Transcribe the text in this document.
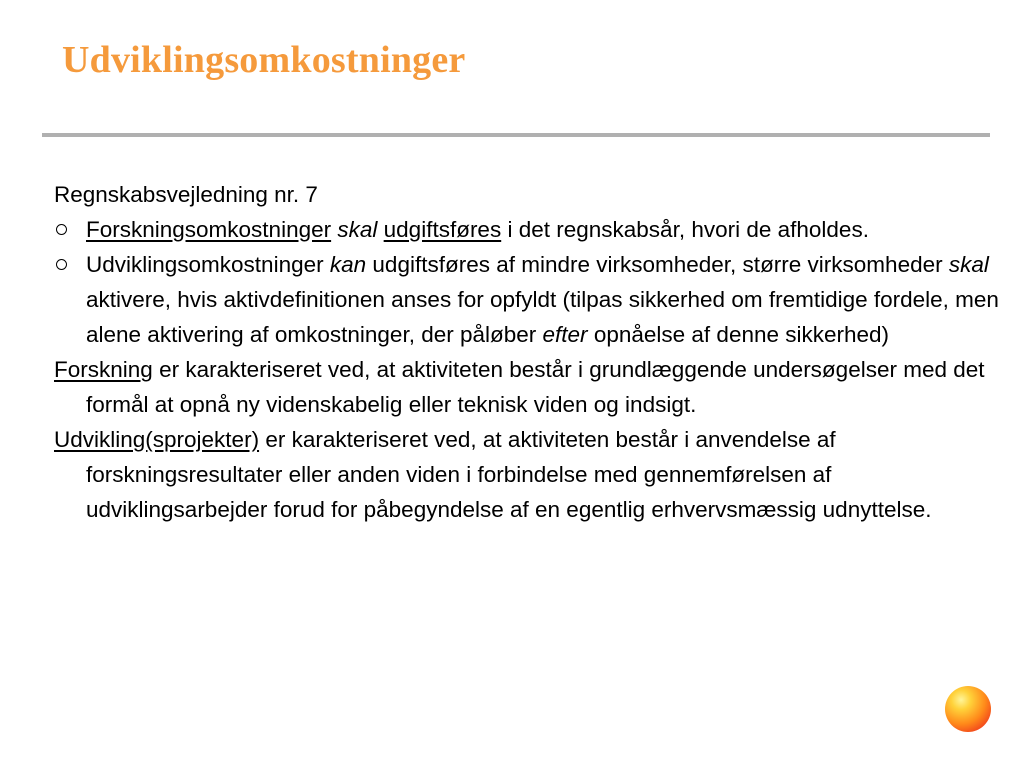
Udviklingsomkostninger
Regnskabsvejledning nr. 7
Forskningsomkostninger skal udgiftsføres i det regnskabsår, hvori de afholdes.
Udviklingsomkostninger kan udgiftsføres af mindre virksomheder, større virksomheder skal aktivere, hvis aktivdefinitionen anses for opfyldt (tilpas sikkerhed om fremtidige fordele, men alene aktivering af omkostninger, der påløber efter opnåelse af denne sikkerhed)
Forskning er karakteriseret ved, at aktiviteten består i grundlæggende undersøgelser med det formål at opnå ny videnskabelig eller teknisk viden og indsigt.
Udvikling(sprojekter) er karakteriseret ved, at aktiviteten består i anvendelse af forskningsresultater eller anden viden i forbindelse med gennemførelsen af udviklingsarbejder forud for påbegyndelse af en egentlig erhvervsmæssig udnyttelse.
